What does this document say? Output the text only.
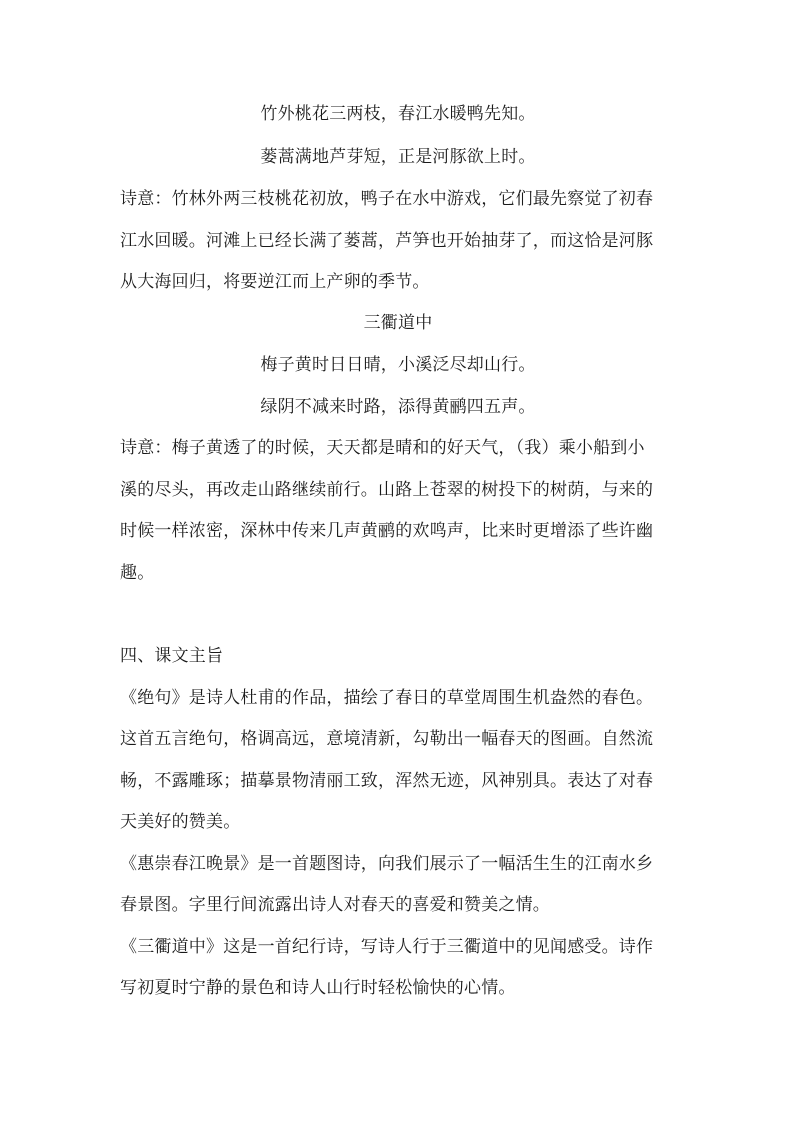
竹外桃花三两枝，春江水暖鸭先知。
蒌蒿满地芦芽短，正是河豚欲上时。
诗意：竹林外两三枝桃花初放，鸭子在水中游戏，它们最先察觉了初春
江水回暖。河滩上已经长满了蒌蒿，芦笋也开始抽芽了，而这恰是河豚
从大海回归，将要逆江而上产卵的季节。
三衢道中
梅子黄时日日晴，小溪泛尽却山行。
绿阴不减来时路，添得黄鹂四五声。
诗意：梅子黄透了的时候，天天都是晴和的好天气，（我）乘小船到小
溪的尽头，再改走山路继续前行。山路上苍翠的树投下的树荫，与来的
时候一样浓密，深林中传来几声黄鹂的欢鸣声，比来时更增添了些许幽
趣。
四、课文主旨
《绝句》是诗人杜甫的作品，描绘了春日的草堂周围生机盎然的春色。
这首五言绝句，格调高远，意境清新，勾勒出一幅春天的图画。自然流
畅，不露雕琢；描摹景物清丽工致，浑然无迹，风神别具。表达了对春
天美好的赞美。
《惠崇春江晚景》是一首题图诗，向我们展示了一幅活生生的江南水乡
春景图。字里行间流露出诗人对春天的喜爱和赞美之情。
《三衢道中》这是一首纪行诗，写诗人行于三衢道中的见闻感受。诗作
写初夏时宁静的景色和诗人山行时轻松愉快的心情。
